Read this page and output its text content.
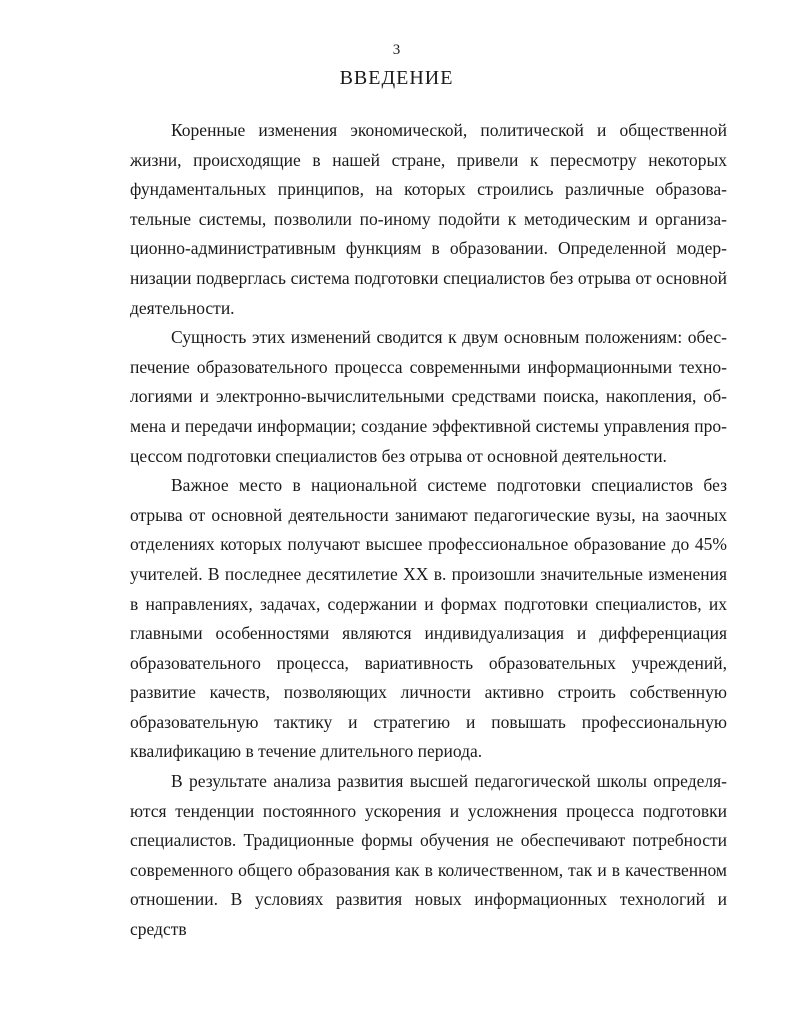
3
ВВЕДЕНИЕ

Коренные изменения экономической, политической и общественной жизни, происходящие в нашей стране, привели к пересмотру некоторых фундаментальных принципов, на которых строились различные образовательные системы, позволили по-иному подойти к методическим и организационно-административным функциям в образовании. Определенной модернизации подверглась система подготовки специалистов без отрыва от основной деятельности.

Сущность этих изменений сводится к двум основным положениям: обеспечение образовательного процесса современными информационными технологиями и электронно-вычислительными средствами поиска, накопления, обмена и передачи информации; создание эффективной системы управления процессом подготовки специалистов без отрыва от основной деятельности.

Важное место в национальной системе подготовки специалистов без отрыва от основной деятельности занимают педагогические вузы, на заочных отделениях которых получают высшее профессиональное образование до 45% учителей. В последнее десятилетие XX в. произошли значительные изменения в направлениях, задачах, содержании и формах подготовки специалистов, их главными особенностями являются индивидуализация и дифференциация образовательного процесса, вариативность образовательных учреждений, развитие качеств, позволяющих личности активно строить собственную образовательную тактику и стратегию и повышать профессиональную квалификацию в течение длительного периода.

В результате анализа развития высшей педагогической школы определяются тенденции постоянного ускорения и усложнения процесса подготовки специалистов. Традиционные формы обучения не обеспечивают потребности современного общего образования как в количественном, так и в качественном отношении. В условиях развития новых информационных технологий и средств
